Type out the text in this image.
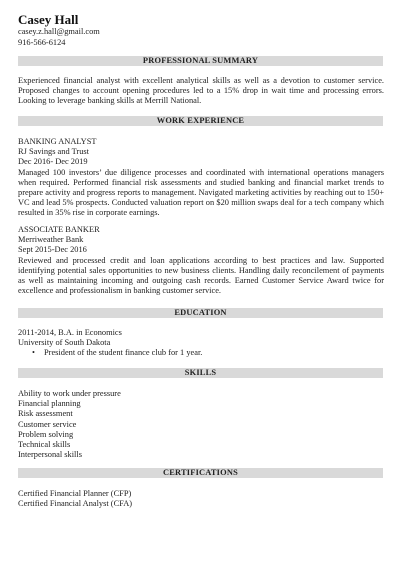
Casey Hall
casey.z.hall@gmail.com
916-566-6124
PROFESSIONAL SUMMARY
Experienced financial analyst with excellent analytical skills as well as a devotion to customer service. Proposed changes to account opening procedures led to a 15% drop in wait time and processing errors. Looking to leverage banking skills at Merrill National.
WORK EXPERIENCE
BANKING ANALYST
RJ Savings and Trust
Dec 2016- Dec 2019
Managed 100 investors’ due diligence processes and coordinated with international operations managers when required. Performed financial risk assessments and studied banking and financial market trends to prepare activity and progress reports to management. Navigated marketing activities by reaching out to 150+ VC and lead 5% prospects. Conducted valuation report on $20 million swaps deal for a tech company which resulted in 35% rise in corporate earnings.
ASSOCIATE BANKER
Merriweather Bank
Sept 2015-Dec 2016
Reviewed and processed credit and loan applications according to best practices and law. Supported identifying potential sales opportunities to new business clients. Handling daily reconcilement of payments as well as maintaining incoming and outgoing cash records. Earned Customer Service Award twice for excellence and professionalism in banking customer service.
EDUCATION
2011-2014, B.A. in Economics
University of South Dakota
• President of the student finance club for 1 year.
SKILLS
Ability to work under pressure
Financial planning
Risk assessment
Customer service
Problem solving
Technical skills
Interpersonal skills
CERTIFICATIONS
Certified Financial Planner (CFP)
Certified Financial Analyst (CFA)
